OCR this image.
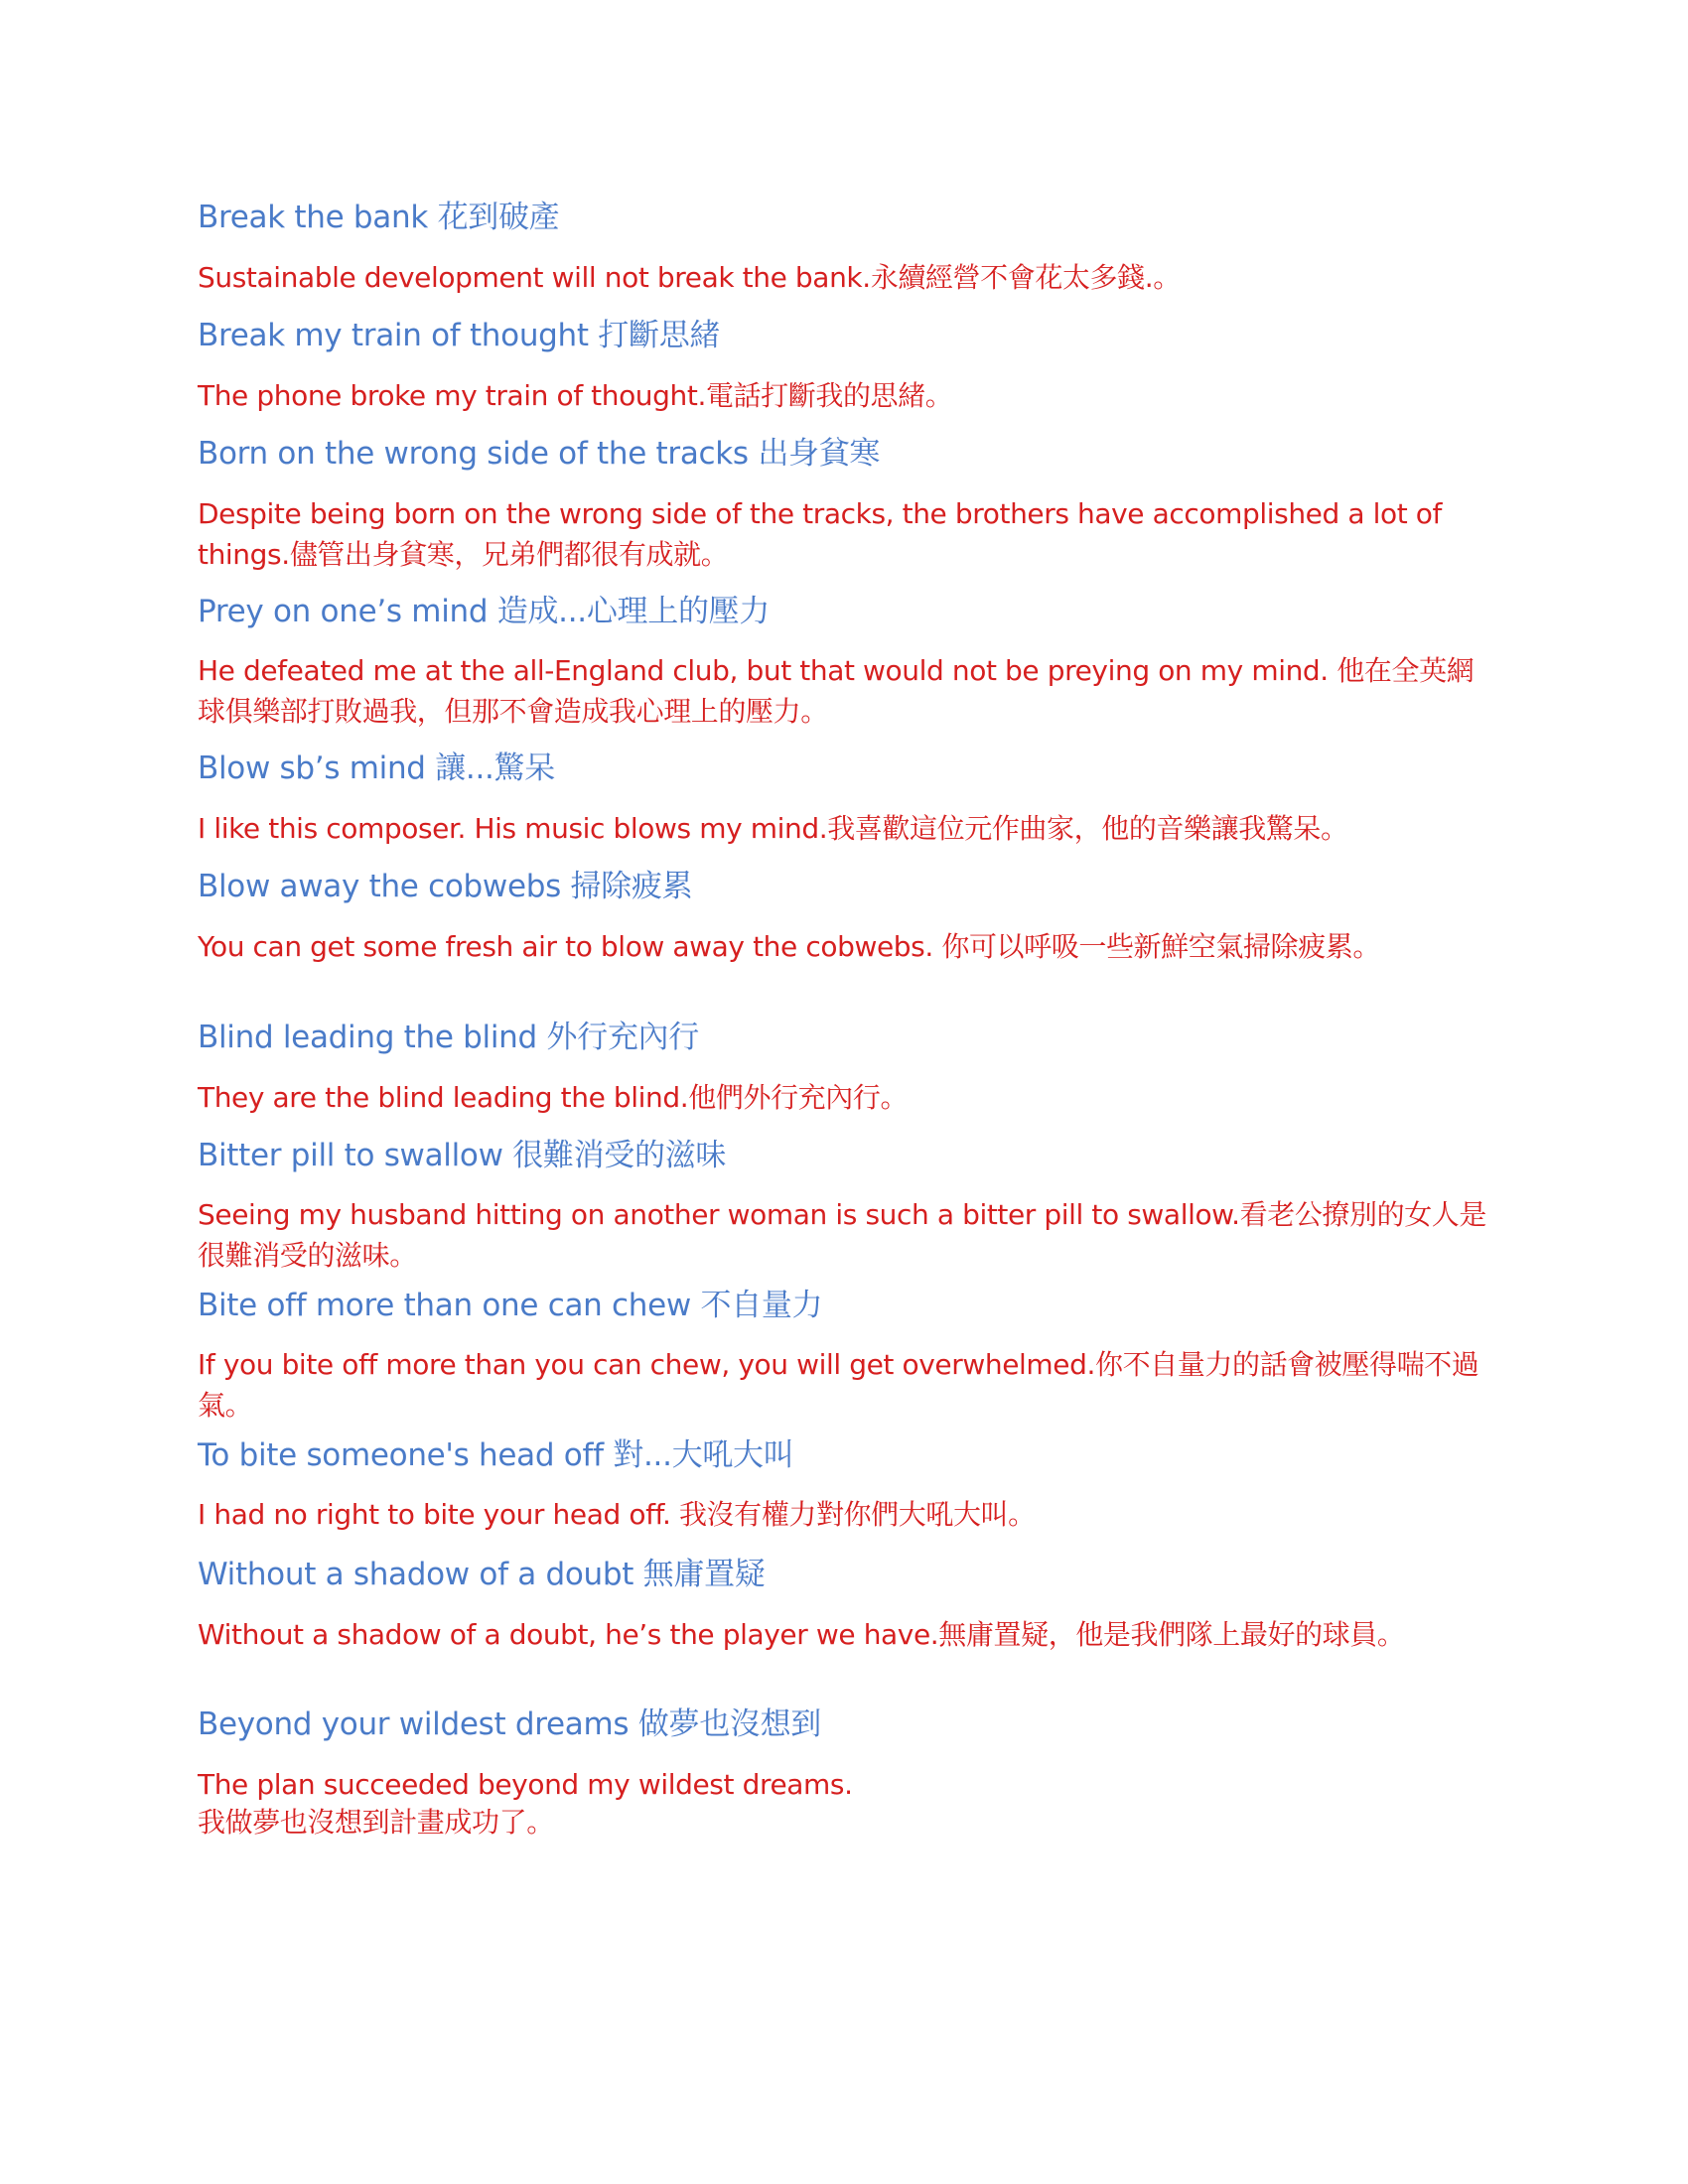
Break the bank 花到破產
Sustainable development will not break the bank.永續經營不會花太多錢.。
Break my train of thought 打斷思緒
The phone broke my train of thought.電話打斷我的思緒。
Born on the wrong side of the tracks 出身貧寒
Despite being born on the wrong side of the tracks, the brothers have accomplished a lot of things.儘管出身貧寒，兄弟們都很有成就。
Prey on one’s mind 造成...心理上的壓力
He defeated me at the all-England club, but that would not be preying on my mind. 他在全英網球俱樂部打敗過我，但那不會造成我心理上的壓力。
Blow sb’s mind 讓...驚呆
I like this composer. His music blows my mind.我喜歡這位元作曲家，他的音樂讓我驚呆。
Blow away the cobwebs 掃除疲累
You can get some fresh air to blow away the cobwebs. 你可以呼吸一些新鮮空氣掃除疲累。
Blind leading the blind 外行充內行
They are the blind leading the blind.他們外行充內行。
Bitter pill to swallow 很難消受的滋味
Seeing my husband hitting on another woman is such a bitter pill to swallow.看老公撩別的女人是很難消受的滋味。
Bite off more than one can chew 不自量力
If you bite off more than you can chew, you will get overwhelmed.你不自量力的話會被壓得喘不過氣。
To bite someone's head off 對...大吼大叫
I had no right to bite your head off. 我沒有權力對你們大吼大叫。
Without a shadow of a doubt 無庸置疑
Without a shadow of a doubt, he’s the player we have.無庸置疑，他是我們隊上最好的球員。
Beyond your wildest dreams 做夢也沒想到
The plan succeeded beyond my wildest dreams.
我做夢也沒想到計畫成功了。
